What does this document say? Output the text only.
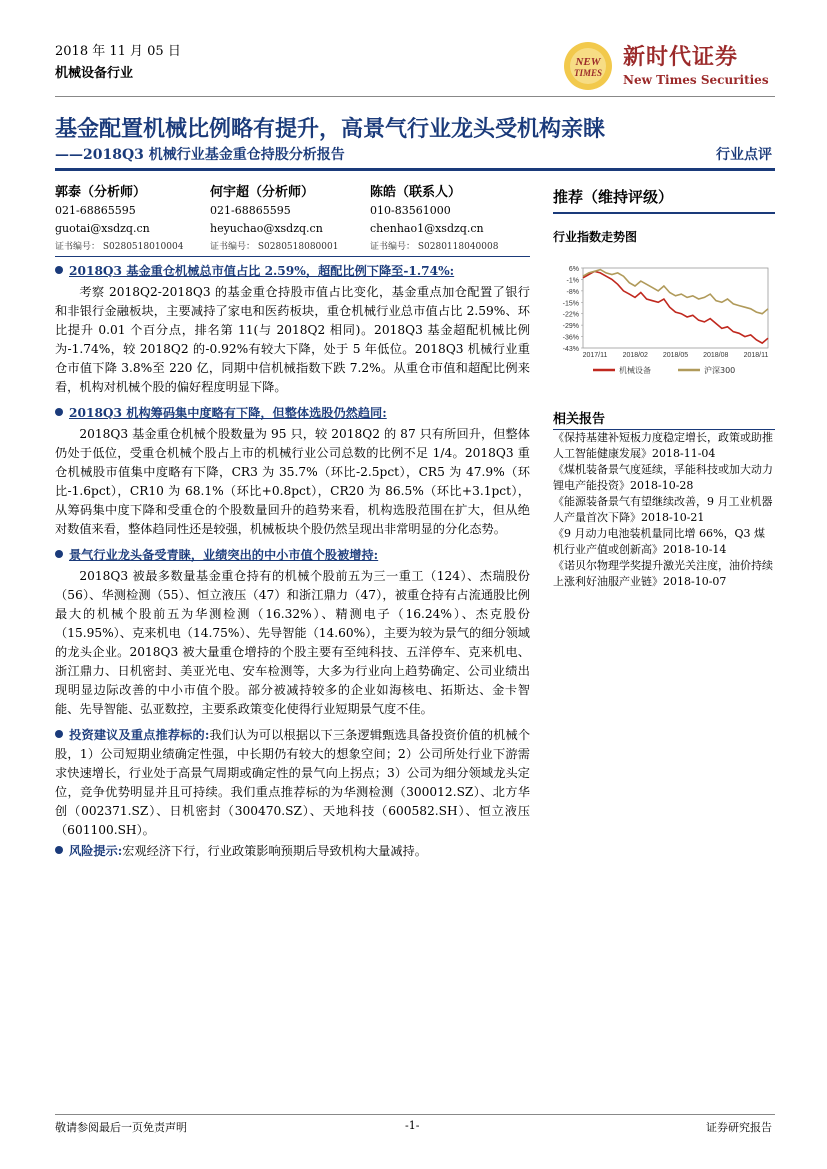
2018 年 11 月 05 日
机械设备行业
NEW
TIMES
新时代证券
New Times Securities
基金配置机械比例略有提升，高景气行业龙头受机构亲睐
——2018Q3 机械行业基金重仓持股分析报告	行业点评
郭泰（分析师）
021-68865595
guotai@xsdzq.cn
证书编号： S0280518010004
何宇超（分析师）
021-68865595
heyuchao@xsdzq.cn
证书编号： S0280518080001
陈皓（联系人）
010-83561000
chenhao1@xsdzq.cn
证书编号： S0280118040008
推荐（维持评级）
行业指数走势图
6%
-1%
-8%
-15%
-22%
-29%
-36%
-43%
2017/11 2018/02 2018/05 2018/08 2018/11
机械设备	沪深300
相关报告
《保持基建补短板力度稳定增长，政策或助推人工智能健康发展》2018-11-04
《煤机装备景气度延续，孚能科技或加大动力锂电产能投资》2018-10-28
《能源装备景气有望继续改善，9 月工业机器人产量首次下降》2018-10-21
《9 月动力电池装机量同比增 66%，Q3 煤机行业产值或创新高》2018-10-14
《诺贝尔物理学奖提升激光关注度，油价持续上涨利好油服产业链》2018-10-07
2018Q3 基金重仓机械总市值占比 2.59%，超配比例下降至-1.74%:

考察 2018Q2-2018Q3 的基金重仓持股市值占比变化，基金重点加仓配置了银行和非银行金融板块，主要减持了家电和医药板块，重仓机械行业总市值占比 2.59%、环比提升 0.01 个百分点，排名第 11(与 2018Q2 相同)。2018Q3 基金超配机械比例为-1.74%，较 2018Q2 的-0.92%有较大下降，处于 5 年低位。2018Q3 机械行业重仓市值下降 3.8%至 220 亿，同期中信机械指数下跌 7.2%。从重仓市值和超配比例来看，机构对机械个股的偏好程度明显下降。

2018Q3 机构筹码集中度略有下降，但整体选股仍然趋同:

2018Q3 基金重仓机械个股数量为 95 只，较 2018Q2 的 87 只有所回升，但整体仍处于低位，受重仓机械个股占上市的机械行业公司总数的比例不足 1/4。2018Q3 重仓机械股市值集中度略有下降，CR3 为 35.7%（环比-2.5pct），CR5 为 47.9%（环比-1.6pct），CR10 为 68.1%（环比+0.8pct），CR20 为 86.5%（环比+3.1pct），从筹码集中度下降和受重仓的个股数量回升的趋势来看，机构选股范围在扩大，但从绝对数值来看，整体趋同性还是较强，机械板块个股仍然呈现出非常明显的分化态势。

景气行业龙头备受青睐，业绩突出的中小市值个股被增持:

2018Q3 被最多数量基金重仓持有的机械个股前五为三一重工（124）、杰瑞股份（56）、华测检测（55）、恒立液压（47）和浙江鼎力（47），被重仓持有占流通股比例最大的机械个股前五为华测检测（16.32%）、精测电子（16.24%）、杰克股份（15.95%）、克来机电（14.75%）、先导智能（14.60%），主要为较为景气的细分领域的龙头企业。2018Q3 被大量重仓增持的个股主要有至纯科技、五洋停车、克来机电、浙江鼎力、日机密封、美亚光电、安车检测等，大多为行业向上趋势确定、公司业绩出现明显边际改善的中小市值个股。部分被减持较多的企业如海核电、拓斯达、金卡智能、先导智能、弘亚数控，主要系政策变化使得行业短期景气度不佳。

投资建议及重点推荐标的:我们认为可以根据以下三条逻辑甄选具备投资价值的机械个股，1）公司短期业绩确定性强，中长期仍有较大的想象空间；2）公司所处行业下游需求快速增长，行业处于高景气周期或确定性的景气向上拐点；3）公司为细分领域龙头定位，竞争优势明显并且可持续。我们重点推荐标的为华测检测（300012.SZ）、北方华创（002371.SZ）、日机密封（300470.SZ）、天地科技（600582.SH）、恒立液压（601100.SH）。
风险提示:宏观经济下行，行业政策影响预期后导致机构大量减持。
敬请参阅最后一页免责声明	-1-	证券研究报告
